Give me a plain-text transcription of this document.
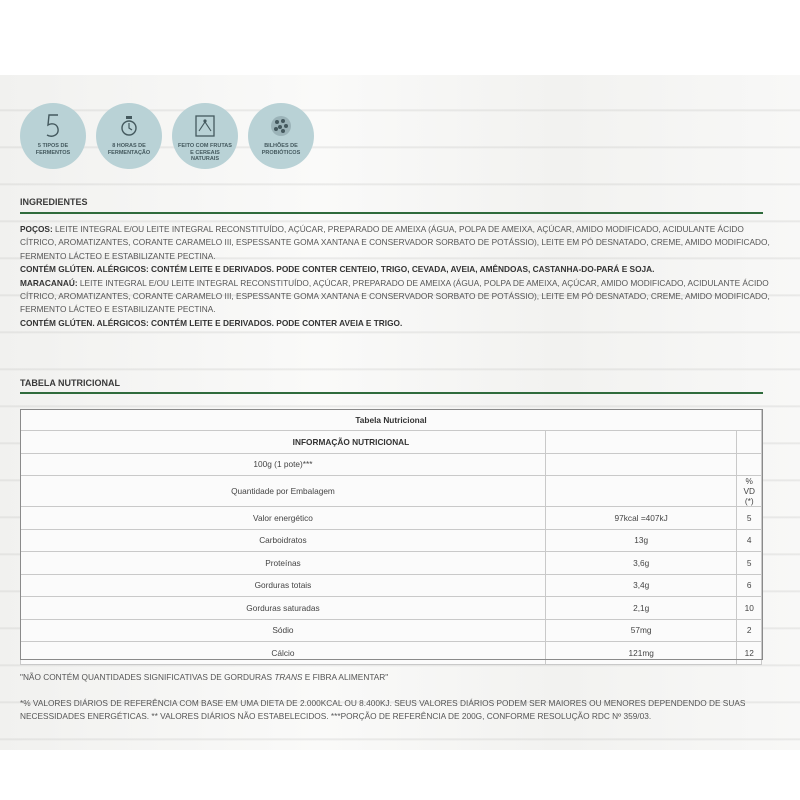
5 TIPOS DE FERMENTOS
8 HORAS DE FERMENTAÇÃO
FEITO COM FRUTAS E CEREAIS NATURAIS
BILHÕES DE PROBIÓTICOS
INGREDIENTES

POÇOS: LEITE INTEGRAL E/OU LEITE INTEGRAL RECONSTITUÍDO, AÇÚCAR, PREPARADO DE AMEIXA (ÁGUA, POLPA DE AMEIXA, AÇÚCAR, AMIDO MODIFICADO, ACIDULANTE ÁCIDO CÍTRICO, AROMATIZANTES, CORANTE CARAMELO III, ESPESSANTE GOMA XANTANA E CONSERVADOR SORBATO DE POTÁSSIO), LEITE EM PÓ DESNATADO, CREME, AMIDO MODIFICADO, FERMENTO LÁCTEO E ESTABILIZANTE PECTINA.

CONTÉM GLÚTEN. ALÉRGICOS: CONTÉM LEITE E DERIVADOS. PODE CONTER CENTEIO, TRIGO, CEVADA, AVEIA, AMÊNDOAS, CASTANHA-DO-PARÁ E SOJA.

MARACANAÚ: LEITE INTEGRAL E/OU LEITE INTEGRAL RECONSTITUÍDO, AÇÚCAR, PREPARADO DE AMEIXA (ÁGUA, POLPA DE AMEIXA, AÇÚCAR, AMIDO MODIFICADO, ACIDULANTE ÁCIDO CÍTRICO, AROMATIZANTES, CORANTE CARAMELO III, ESPESSANTE GOMA XANTANA E CONSERVADOR SORBATO DE POTÁSSIO), LEITE EM PÓ DESNATADO, CREME, AMIDO MODIFICADO, FERMENTO LÁCTEO E ESTABILIZANTE PECTINA.

CONTÉM GLÚTEN. ALÉRGICOS: CONTÉM LEITE E DERIVADOS. PODE CONTER AVEIA E TRIGO.

TABELA NUTRICIONAL
Tabela Nutricional		
INFORMAÇÃO NUTRICIONAL		
100g (1 pote)***		
Quantidade por Embalagem		% VD (*)
Valor energético	97kcal =407kJ	5
Carboidratos	13g	4
Proteínas	3,6g	5
Gorduras totais	3,4g	6
Gorduras saturadas	2,1g	10
Sódio	57mg	2
Cálcio	121mg	12
"NÃO CONTÉM QUANTIDADES SIGNIFICATIVAS DE GORDURAS TRANS E FIBRA ALIMENTAR"
*% VALORES DIÁRIOS DE REFERÊNCIA COM BASE EM UMA DIETA DE 2.000KCAL OU 8.400KJ. SEUS VALORES DIÁRIOS PODEM SER MAIORES OU MENORES DEPENDENDO DE SUAS NECESSIDADES ENERGÉTICAS. ** VALORES DIÁRIOS NÃO ESTABELECIDOS. ***PORÇÃO DE REFERÊNCIA DE 200G, CONFORME RESOLUÇÃO RDC Nº 359/03.
